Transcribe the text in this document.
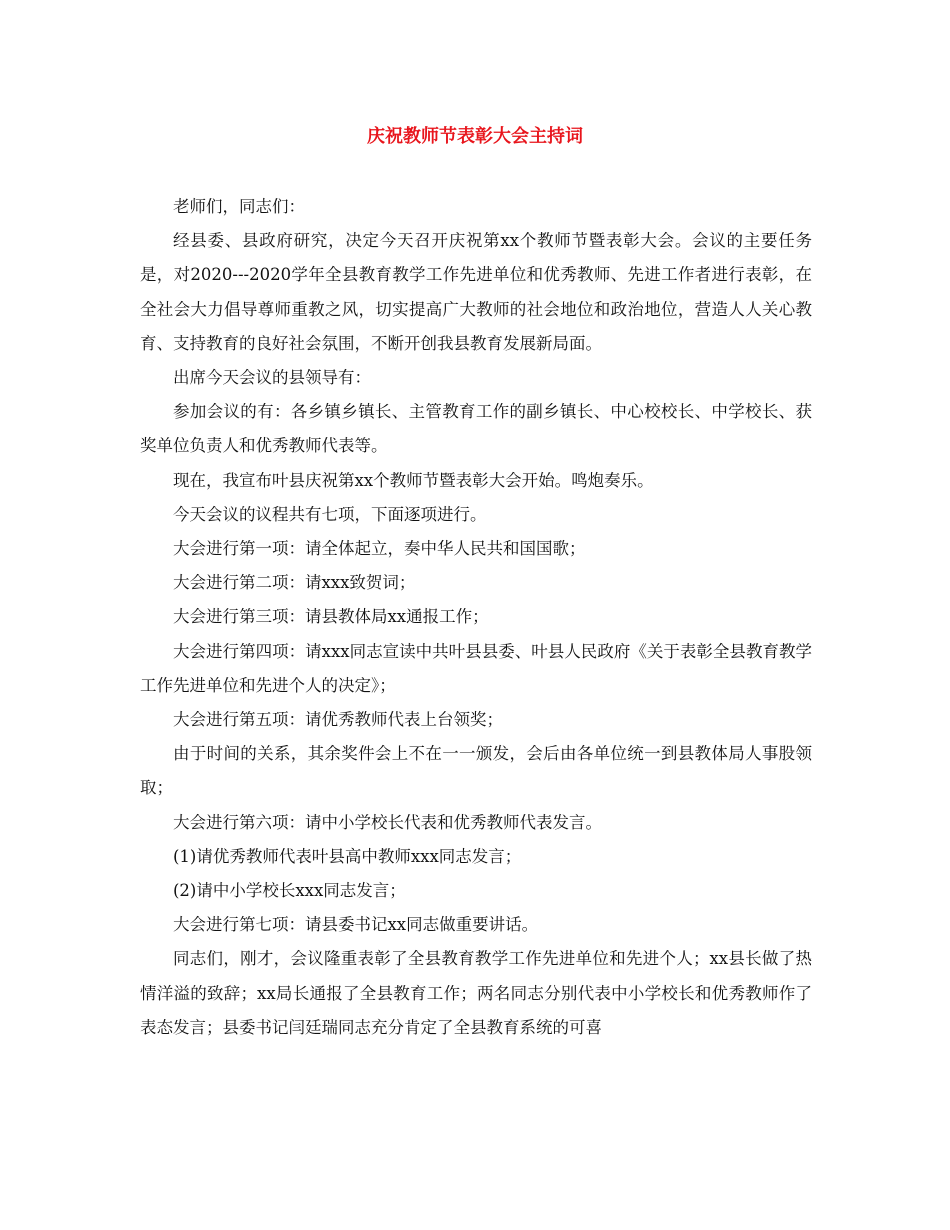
庆祝教师节表彰大会主持词

老师们，同志们：

经县委、县政府研究，决定今天召开庆祝第xx个教师节暨表彰大会。会议的主要任务是，对2020---2020学年全县教育教学工作先进单位和优秀教师、先进工作者进行表彰，在全社会大力倡导尊师重教之风，切实提高广大教师的社会地位和政治地位，营造人人关心教育、支持教育的良好社会氛围，不断开创我县教育发展新局面。

出席今天会议的县领导有：

参加会议的有：各乡镇乡镇长、主管教育工作的副乡镇长、中心校校长、中学校长、获奖单位负责人和优秀教师代表等。

现在，我宣布叶县庆祝第xx个教师节暨表彰大会开始。鸣炮奏乐。

今天会议的议程共有七项，下面逐项进行。

大会进行第一项：请全体起立，奏中华人民共和国国歌；

大会进行第二项：请xxx致贺词；

大会进行第三项：请县教体局xx通报工作；

大会进行第四项：请xxx同志宣读中共叶县县委、叶县人民政府《关于表彰全县教育教学工作先进单位和先进个人的决定》；

大会进行第五项：请优秀教师代表上台领奖；

由于时间的关系，其余奖件会上不在一一颁发，会后由各单位统一到县教体局人事股领取；

大会进行第六项：请中小学校长代表和优秀教师代表发言。

(1)请优秀教师代表叶县高中教师xxx同志发言；

(2)请中小学校长xxx同志发言；

大会进行第七项：请县委书记xx同志做重要讲话。

同志们，刚才，会议隆重表彰了全县教育教学工作先进单位和先进个人；xx县长做了热情洋溢的致辞；xx局长通报了全县教育工作；两名同志分别代表中小学校长和优秀教师作了表态发言；县委书记闫廷瑞同志充分肯定了全县教育系统的可喜
